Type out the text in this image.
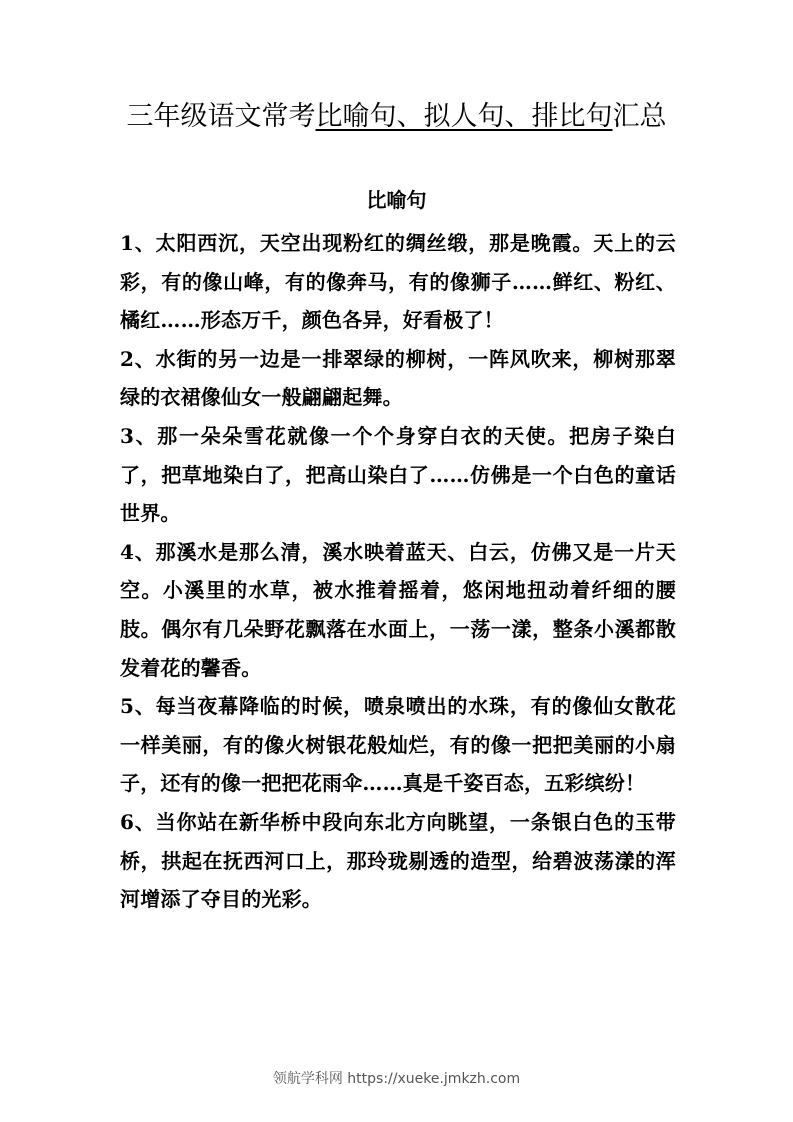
三年级语文常考比喻句、拟人句、排比句汇总
比喻句

1、太阳西沉，天空出现粉红的绸丝缎，那是晚霞。天上的云彩，有的像山峰，有的像奔马，有的像狮子……鲜红、粉红、橘红……形态万千，颜色各异，好看极了！

2、水街的另一边是一排翠绿的柳树，一阵风吹来，柳树那翠绿的衣裙像仙女一般翩翩起舞。

3、那一朵朵雪花就像一个个身穿白衣的天使。把房子染白了，把草地染白了，把高山染白了……仿佛是一个白色的童话世界。

4、那溪水是那么清，溪水映着蓝天、白云，仿佛又是一片天空。小溪里的水草，被水推着摇着，悠闲地扭动着纤细的腰肢。偶尔有几朵野花飘落在水面上，一荡一漾，整条小溪都散发着花的馨香。

5、每当夜幕降临的时候，喷泉喷出的水珠，有的像仙女散花一样美丽，有的像火树银花般灿烂，有的像一把把美丽的小扇子，还有的像一把把花雨伞……真是千姿百态，五彩缤纷！

6、当你站在新华桥中段向东北方向眺望，一条银白色的玉带桥，拱起在抚西河口上，那玲珑剔透的造型，给碧波荡漾的浑河增添了夺目的光彩。

领航学科网 https://xueke.jmkzh.com
